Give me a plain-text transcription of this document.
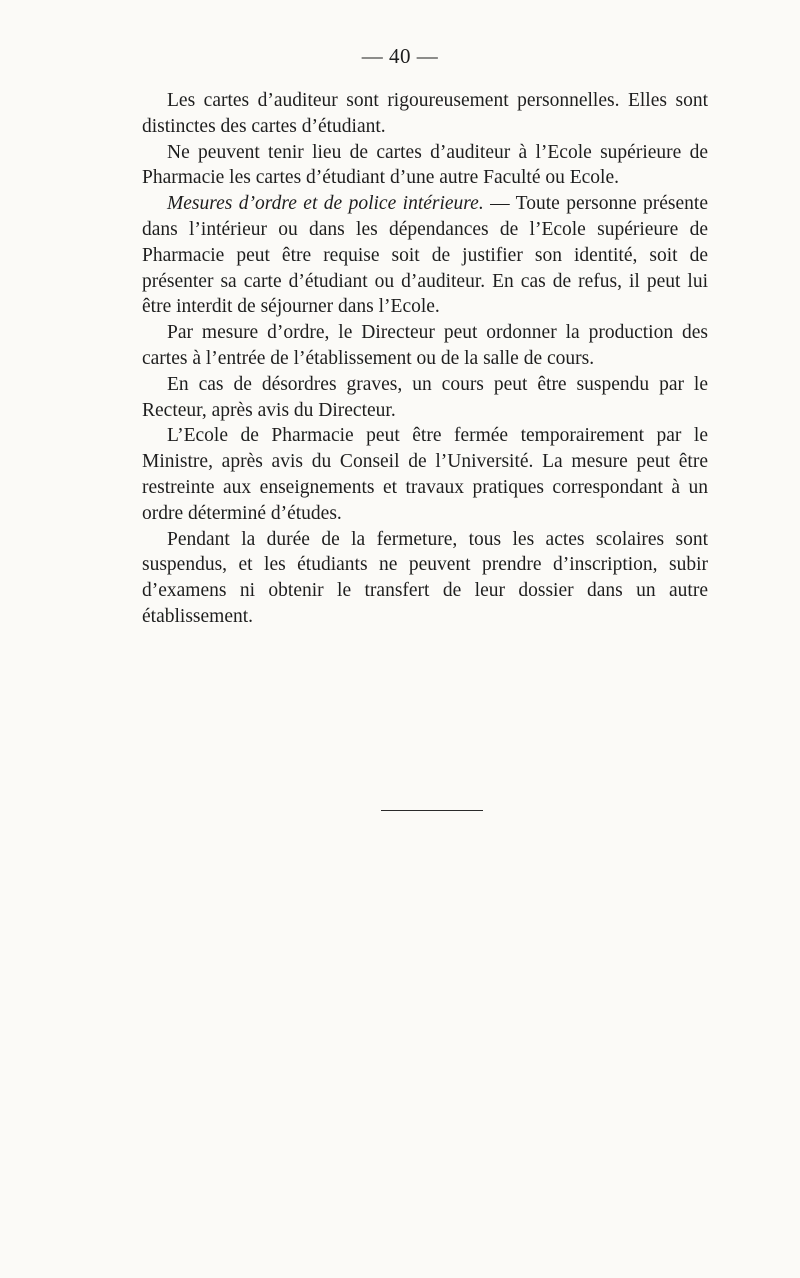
— 40 —

Les cartes d’auditeur sont rigoureusement personnelles. Elles sont distinctes des cartes d’étudiant.

Ne peuvent tenir lieu de cartes d’auditeur à l’Ecole supérieure de Pharmacie les cartes d’étudiant d’une autre Faculté ou Ecole.

Mesures d’ordre et de police intérieure. — Toute personne présente dans l’intérieur ou dans les dépendances de l’Ecole supérieure de Pharmacie peut être requise soit de justifier son identité, soit de présenter sa carte d’étudiant ou d’auditeur. En cas de refus, il peut lui être interdit de séjourner dans l’Ecole.

Par mesure d’ordre, le Directeur peut ordonner la production des cartes à l’entrée de l’établissement ou de la salle de cours.

En cas de désordres graves, un cours peut être suspendu par le Recteur, après avis du Directeur.

L’Ecole de Pharmacie peut être fermée temporairement par le Ministre, après avis du Conseil de l’Université. La mesure peut être restreinte aux enseignements et travaux pratiques correspondant à un ordre déterminé d’études.

Pendant la durée de la fermeture, tous les actes scolaires sont suspendus, et les étudiants ne peuvent prendre d’inscription, subir d’examens ni obtenir le transfert de leur dossier dans un autre établissement.
